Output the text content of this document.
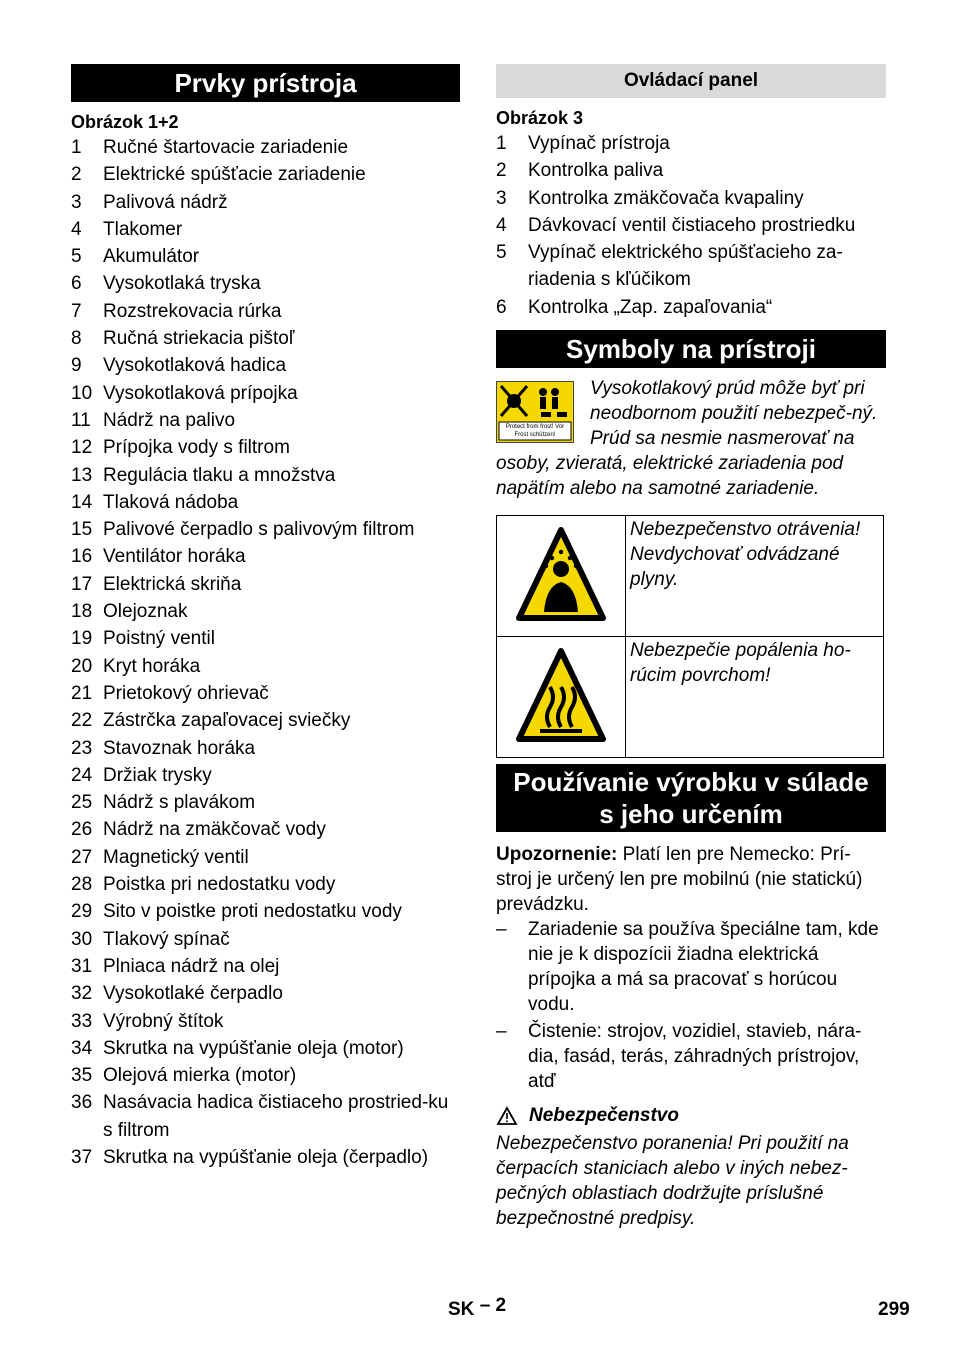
Prvky prístroja
Obrázok 1+2
1	Ručné štartovacie zariadenie
2	Elektrické spúšťacie zariadenie
3	Palivová nádrž
4	Tlakomer
5	Akumulátor
6	Vysokotlaká tryska
7	Rozstrekovacia rúrka
8	Ručná striekacia pištoľ
9	Vysokotlaková hadica
10 Vysokotlaková prípojka
11 Nádrž na palivo
12 Prípojka vody s filtrom
13 Regulácia tlaku a množstva
14 Tlaková nádoba
15 Palivové čerpadlo s palivovým filtrom
16 Ventilátor horáka
17 Elektrická skriňa
18 Olejoznak
19 Poistný ventil
20 Kryt horáka
21 Prietokový ohrievač
22 Zástrčka zapaľovacej sviečky
23 Stavoznak horáka
24 Držiak trysky
25 Nádrž s plavákom
26 Nádrž na zmäkčovač vody
27 Magnetický ventil
28 Poistka pri nedostatku vody
29 Sito v poistke proti nedostatku vody
30 Tlakový spínač
31 Plniaca nádrž na olej
32 Vysokotlaké čerpadlo
33 Výrobný štítok
34 Skrutka na vypúšťanie oleja (motor)
35 Olejová mierka (motor)
36 Nasávacia hadica čistiaceho prostried-ku s filtrom
37 Skrutka na vypúšťanie oleja (čerpadlo)
Ovládací panel
Obrázok 3
1	Vypínač prístroja
2	Kontrolka paliva
3	Kontrolka zmäkčovača kvapaliny
4	Dávkovací ventil čistiaceho prostriedku
5	Vypínač elektrického spúšťacieho za-riadenia s kľúčikom
6	Kontrolka „Zap. zapaľovania“
Symboly na prístroji
Protect from frost! Vor Frost schützen!

Vysokotlakový prúd môže byť pri neodbornom použití nebezpeč-ný. Prúd sa nesmie nasmerovať na osoby, zvieratá, elektrické zariadenia pod napätím alebo na samotné zariadenie.

	Nebezpečenstvo otrávenia! Nevdychovať odvádzané plyny.
	Nebezpečie popálenia ho-rúcim povrchom!
Používanie výrobku v súlade
s jeho určením

Upozornenie: Platí len pre Nemecko: Prí-stroj je určený len pre mobilnú (nie statickú) prevádzku.

–	Zariadenie sa používa špeciálne tam, kde nie je k dispozícii žiadna elektrická prípojka a má sa pracovať s horúcou vodu.
–	Čistenie: strojov, vozidiel, stavieb, nára-dia, fasád, terás, záhradných prístrojov, atď
Nebezpečenstvo

Nebezpečenstvo poranenia! Pri použití na čerpacích staniciach alebo v iných nebez-pečných oblastiach dodržujte príslušné bezpečnostné predpisy.

SK – 2	299
